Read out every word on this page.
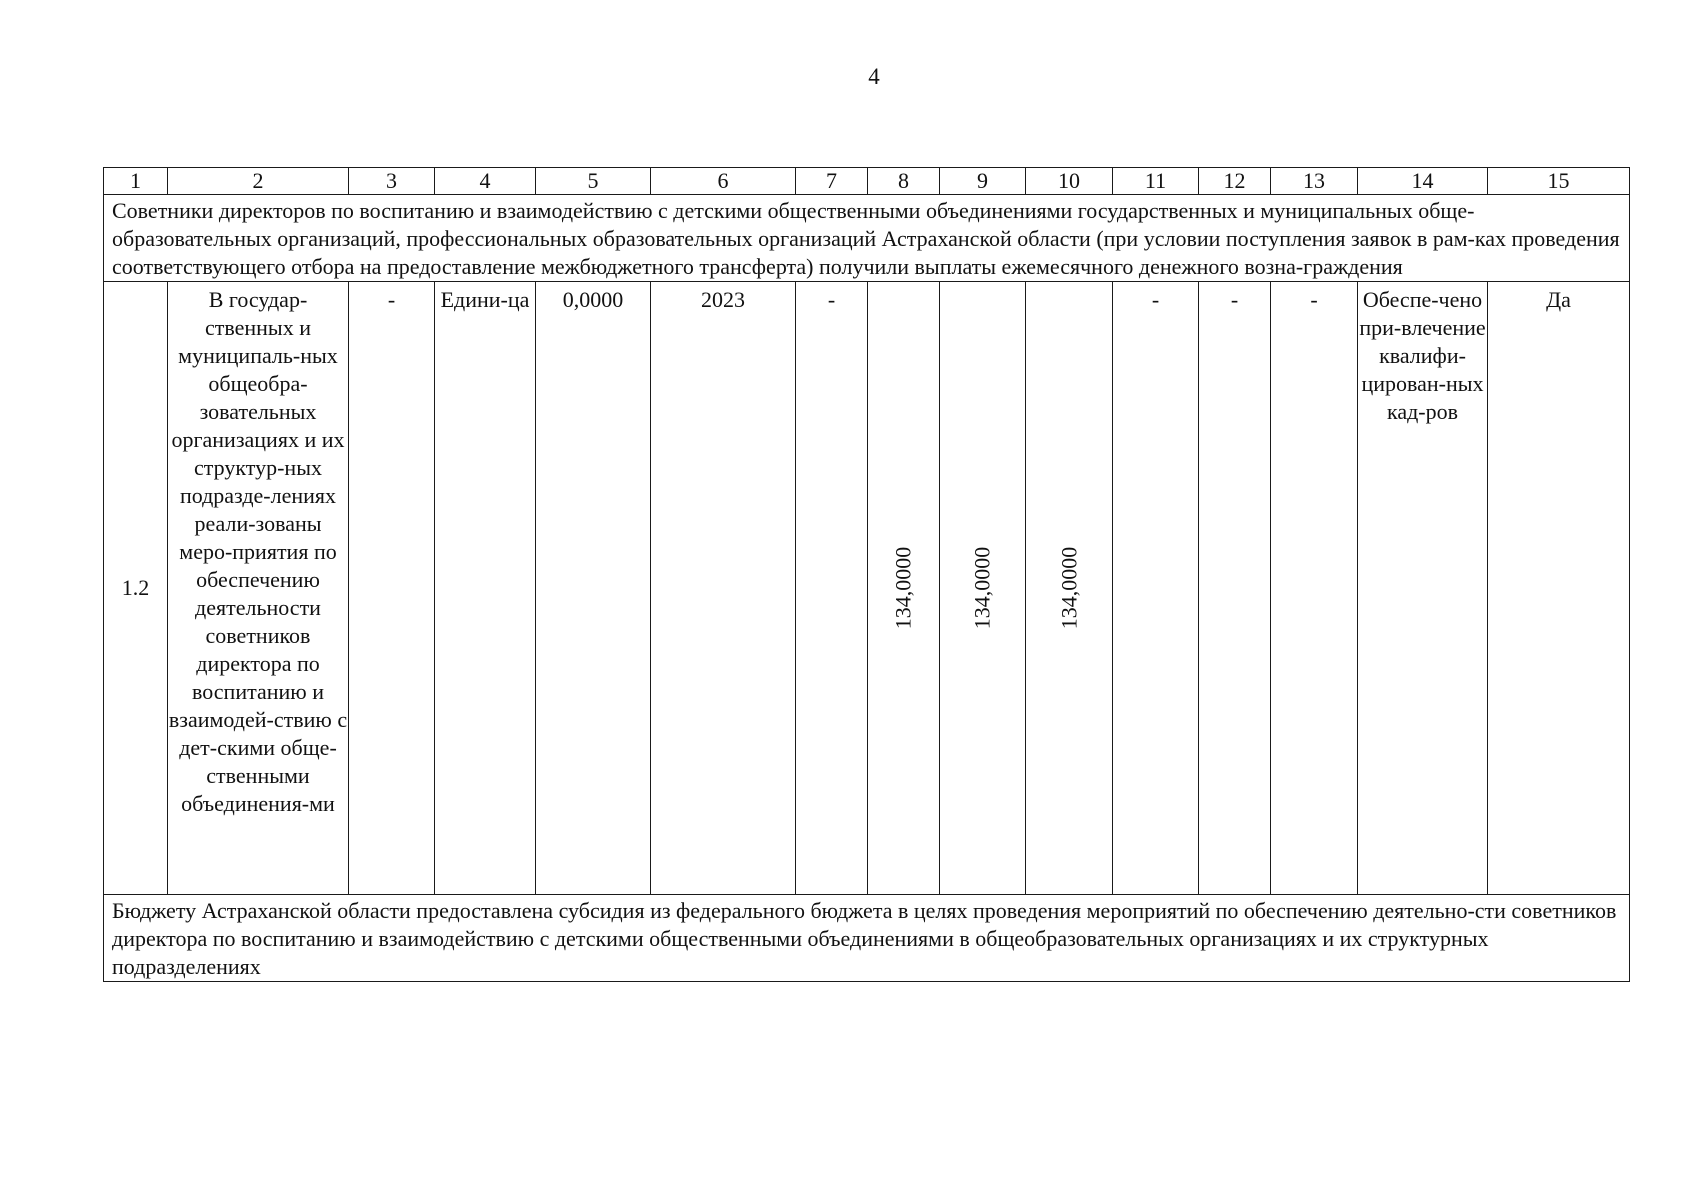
4
1	2	3	4	5	6	7	8	9	10	11	12	13	14	15
Советники директоров по воспитанию и взаимодействию с детскими общественными объединениями государственных и муниципальных обще-образовательных организаций, профессиональных образовательных организаций Астраханской области (при условии поступления заявок в рам-ках проведения соответствующего отбора на предоставление межбюджетного трансферта) получили выплаты ежемесячного денежного возна-граждения														
1.2	В государ-ственных и муниципаль-ных общеобра-зовательных организациях и их структур-ных подразде-лениях реали-зованы меро-приятия по обеспечению деятельности советников директора по воспитанию и взаимодей-ствию с дет-скими обще-ственными объединения-ми	-	Едини-ца	0,0000	2023	-	134,0000	134,0000	134,0000	-	-	-	Обеспе-чено при-влечение квалифи-цирован-ных кад-ров	Да

Бюджету Астраханской области предоставлена субсидия из федерального бюджета в целях проведения мероприятий по обеспечению деятельно-сти советников директора по воспитанию и взаимодействию с детскими общественными объединениями в общеобразовательных организациях и их структурных подразделениях														
